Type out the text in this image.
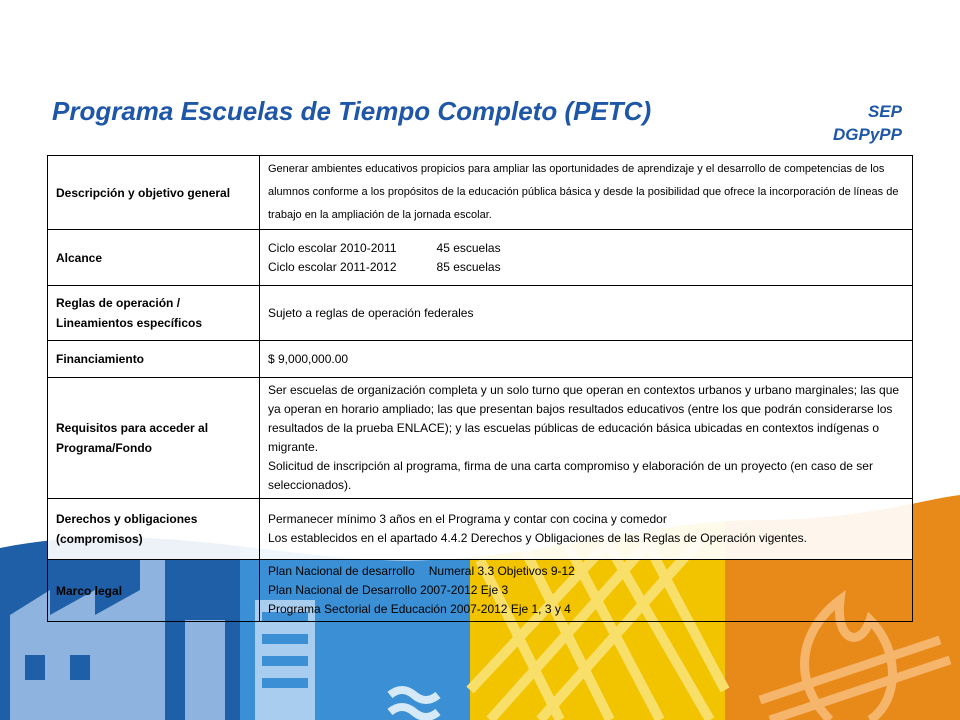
Programa Escuelas de Tiempo Completo (PETC)	SEP
DGPyPP
Descripción y objetivo general	Generar ambientes educativos propicios para ampliar las oportunidades de aprendizaje y el desarrollo de competencias de los alumnos conforme a los propósitos de la educación pública básica y desde la posibilidad que ofrece la incorporación de líneas de trabajo en la ampliación de la jornada escolar.
Alcance	Ciclo escolar 2010-2011 45 escuelas
Ciclo escolar 2011-2012 85 escuelas

Reglas de operación / Lineamientos específicos	Sujeto a reglas de operación federales
Financiamiento	$ 9,000,000.00
Requisitos para acceder al Programa/Fondo	Ser escuelas de organización completa y un solo turno que operan en contextos urbanos y urbano marginales; las que ya operan en horario ampliado; las que presentan bajos resultados educativos (entre los que podrán considerarse los resultados de la prueba ENLACE); y las escuelas públicas de educación básica ubicadas en contextos indígenas o migrante.
Solicitud de inscripción al programa, firma de una carta compromiso y elaboración de un proyecto (en caso de ser seleccionados).

Derechos y obligaciones (compromisos)	Permanecer mínimo 3 años en el Programa y contar con cocina y comedor
Los establecidos en el apartado 4.4.2 Derechos y Obligaciones de las Reglas de Operación vigentes.

Marco legal	Plan Nacional de desarrollo Numeral 3.3 Objetivos 9-12
Plan Nacional de Desarrollo 2007-2012 Eje 3
Programa Sectorial de Educación 2007-2012 Eje 1, 3 y 4
